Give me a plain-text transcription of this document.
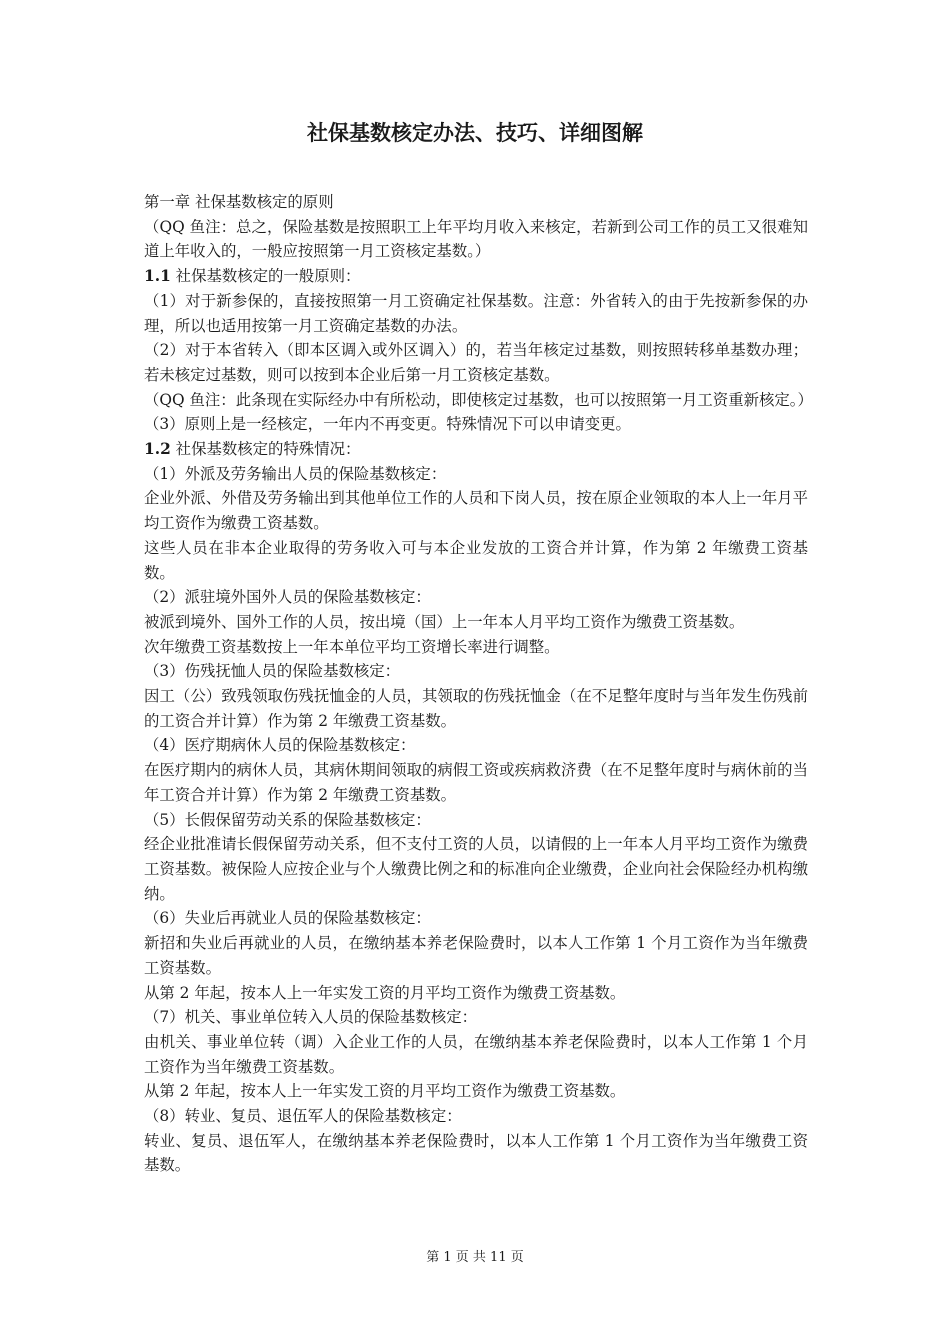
社保基数核定办法、技巧、详细图解

第一章 社保基数核定的原则

（QQ 鱼注：总之，保险基数是按照职工上年平均月收入来核定，若新到公司工作的员工又很难知道上年收入的，一般应按照第一月工资核定基数。）

1.1 社保基数核定的一般原则：

（1）对于新参保的，直接按照第一月工资确定社保基数。注意：外省转入的由于先按新参保的办理，所以也适用按第一月工资确定基数的办法。

（2）对于本省转入（即本区调入或外区调入）的，若当年核定过基数，则按照转移单基数办理；若未核定过基数，则可以按到本企业后第一月工资核定基数。

（QQ 鱼注：此条现在实际经办中有所松动，即使核定过基数，也可以按照第一月工资重新核定。）

（3）原则上是一经核定，一年内不再变更。特殊情况下可以申请变更。

1.2 社保基数核定的特殊情况：

（1）外派及劳务输出人员的保险基数核定：

企业外派、外借及劳务输出到其他单位工作的人员和下岗人员，按在原企业领取的本人上一年月平均工资作为缴费工资基数。

这些人员在非本企业取得的劳务收入可与本企业发放的工资合并计算，作为第 2 年缴费工资基数。

（2）派驻境外国外人员的保险基数核定：

被派到境外、国外工作的人员，按出境（国）上一年本人月平均工资作为缴费工资基数。

次年缴费工资基数按上一年本单位平均工资增长率进行调整。

（3）伤残抚恤人员的保险基数核定：

因工（公）致残领取伤残抚恤金的人员，其领取的伤残抚恤金（在不足整年度时与当年发生伤残前的工资合并计算）作为第 2 年缴费工资基数。

（4）医疗期病休人员的保险基数核定：

在医疗期内的病休人员，其病休期间领取的病假工资或疾病救济费（在不足整年度时与病休前的当年工资合并计算）作为第 2 年缴费工资基数。

（5）长假保留劳动关系的保险基数核定：

经企业批准请长假保留劳动关系，但不支付工资的人员，以请假的上一年本人月平均工资作为缴费工资基数。被保险人应按企业与个人缴费比例之和的标准向企业缴费，企业向社会保险经办机构缴纳。

（6）失业后再就业人员的保险基数核定：

新招和失业后再就业的人员，在缴纳基本养老保险费时，以本人工作第 1 个月工资作为当年缴费工资基数。

从第 2 年起，按本人上一年实发工资的月平均工资作为缴费工资基数。

（7）机关、事业单位转入人员的保险基数核定：

由机关、事业单位转（调）入企业工作的人员，在缴纳基本养老保险费时，以本人工作第 1 个月工资作为当年缴费工资基数。

从第 2 年起，按本人上一年实发工资的月平均工资作为缴费工资基数。

（8）转业、复员、退伍军人的保险基数核定：

转业、复员、退伍军人，在缴纳基本养老保险费时，以本人工作第 1 个月工资作为当年缴费工资基数。

第 1 页 共 11 页
